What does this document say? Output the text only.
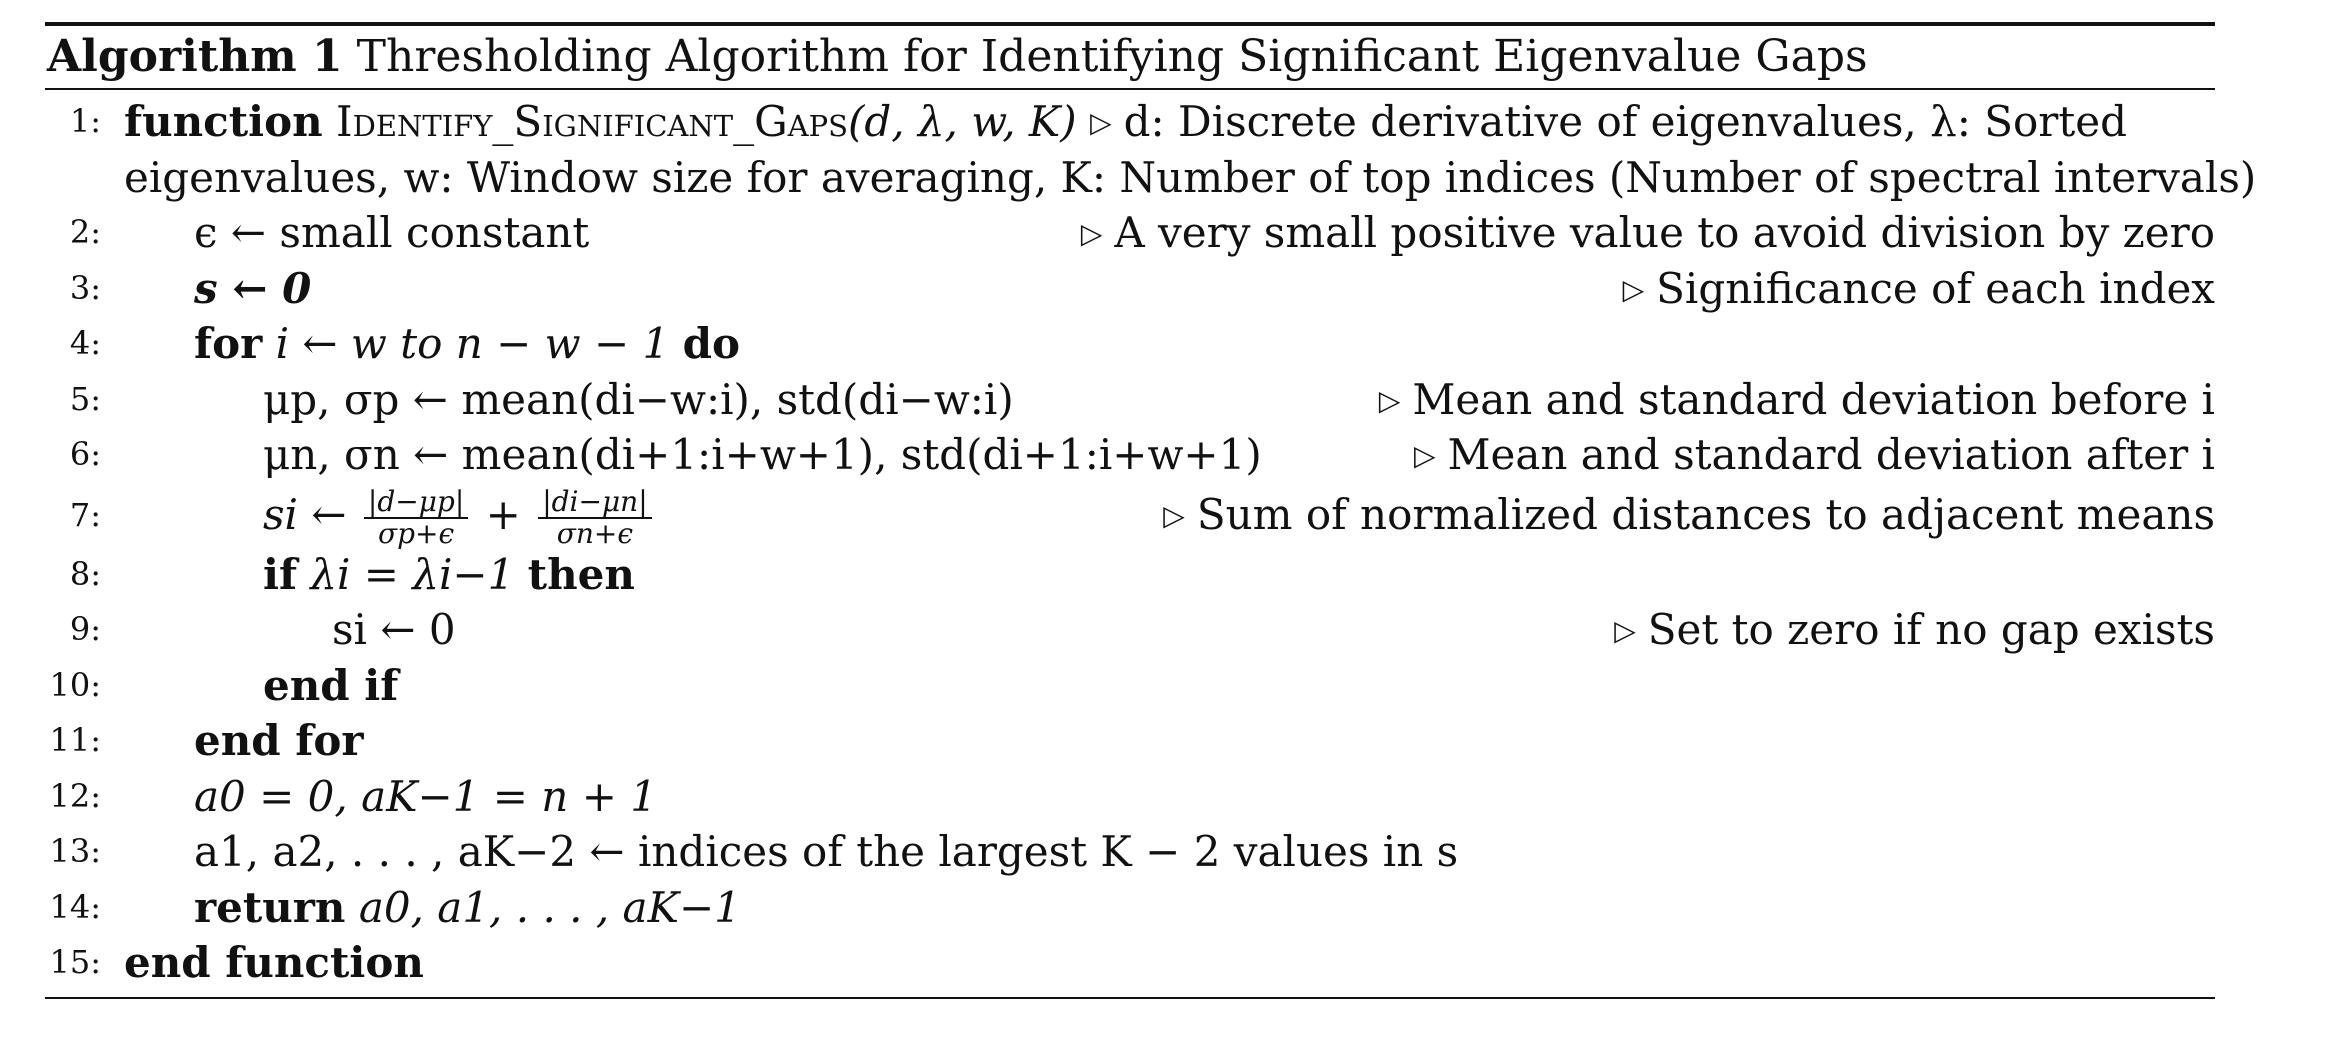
Algorithm 1 Thresholding Algorithm for Identifying Significant Eigenvalue Gaps
1: function Identify_Significant_Gaps(d, λ, w, K) ▷ d: Discrete derivative of eigenvalues, λ: Sorted
eigenvalues, w: Window size for averaging, K: Number of top indices (Number of spectral intervals)
2: ϵ ← small constant	▷ A very small positive value to avoid division by zero
3: s ← 0	▷ Significance of each index
4: for i ← w to n − w − 1 do
5:	μp, σp ← mean(di−w:i), std(di−w:i)	▷ Mean and standard deviation before i
6:	μn, σn ← mean(di+1:i+w+1), std(di+1:i+w+1)	▷ Mean and standard deviation after i
7:	si ← $\frac{|d-\mu p|}{\sigma p+\epsilon} + \frac{|di-\mu n|}{\sigma n+\epsilon}$	▷ Sum of normalized distances to adjacent means
8:	if λi = λi−1 then
9:	si ← 0	▷ Set to zero if no gap exists
10:	end if
11: end for
12: a0 = 0, aK−1 = n + 1
13: a1, a2, . . . , aK−2 ← indices of the largest K − 2 values in s
14: return a0, a1, . . . , aK−1
15: end function
